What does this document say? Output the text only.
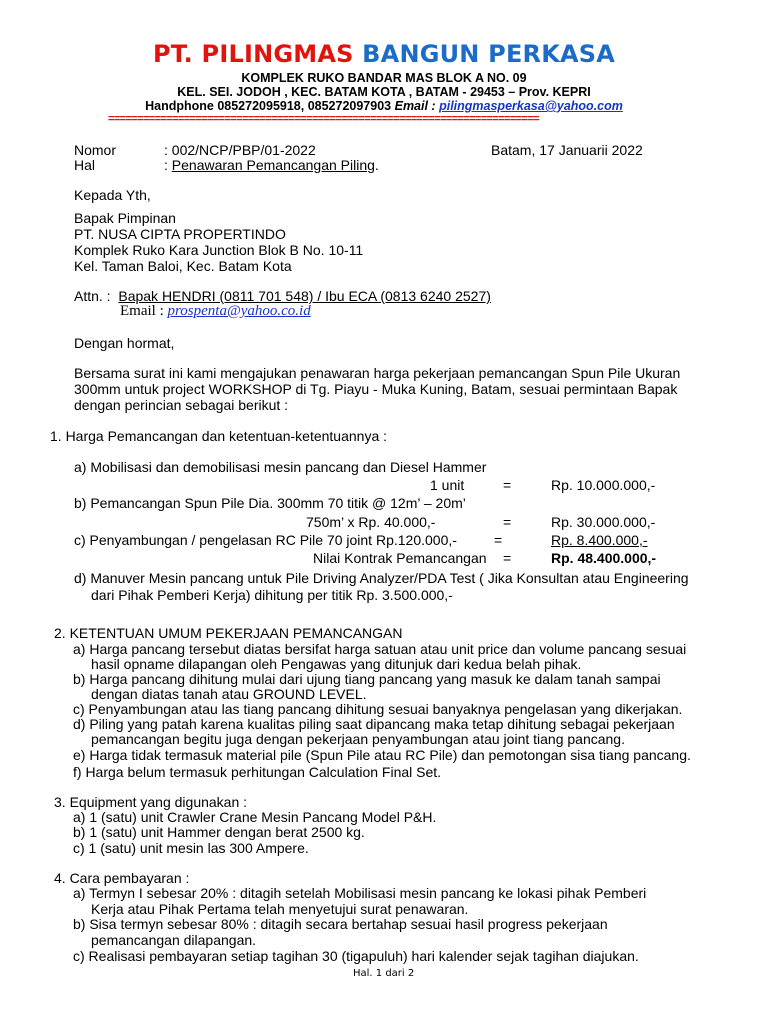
PT. PILINGMAS BANGUN PERKASA
KOMPLEK RUKO BANDAR MAS BLOK A NO. 09
KEL. SEI. JODOH , KEC. BATAM KOTA , BATAM - 29453 – Prov. KEPRI
Handphone 085272095918, 085272097903 Email : pilingmasperkasa@yahoo.com
==========================================================================
Nomor	: 002/NCP/PBP/01-2022	Batam, 17 Januarii 2022
Hal	: Penawaran Pemancangan Piling.
Kepada Yth,
Bapak Pimpinan
PT. NUSA CIPTA PROPERTINDO
Komplek Ruko Kara Junction Blok B No. 10-11
Kel. Taman Baloi, Kec. Batam Kota
Attn. : Bapak HENDRI (0811 701 548) / Ibu ECA (0813 6240 2527)
Email : prospenta@yahoo.co.id
Dengan hormat,
Bersama surat ini kami mengajukan penawaran harga pekerjaan pemancangan Spun Pile Ukuran
300mm untuk project WORKSHOP di Tg. Piayu - Muka Kuning, Batam, sesuai permintaan Bapak
dengan perincian sebagai berikut :
1. Harga Pemancangan dan ketentuan-ketentuannya :
a) Mobilisasi dan demobilisasi mesin pancang dan Diesel Hammer
1 unit	=	Rp. 10.000.000,-
b) Pemancangan Spun Pile Dia. 300mm 70 titik @ 12m’ – 20m’
750m’ x Rp. 40.000,-	=	Rp. 30.000.000,-
c) Penyambungan / pengelasan RC Pile 70 joint Rp.120.000,-	=	Rp. 8.400.000,-
Nilai Kontrak Pemancangan =	Rp. 48.400.000,-
d) Manuver Mesin pancang untuk Pile Driving Analyzer/PDA Test ( Jika Konsultan atau Engineering
dari Pihak Pemberi Kerja) dihitung per titik Rp. 3.500.000,-
2. KETENTUAN UMUM PEKERJAAN PEMANCANGAN
a) Harga pancang tersebut diatas bersifat harga satuan atau unit price dan volume pancang sesuai
hasil opname dilapangan oleh Pengawas yang ditunjuk dari kedua belah pihak.
b) Harga pancang dihitung mulai dari ujung tiang pancang yang masuk ke dalam tanah sampai
dengan diatas tanah atau GROUND LEVEL.
c) Penyambungan atau las tiang pancang dihitung sesuai banyaknya pengelasan yang dikerjakan.
d) Piling yang patah karena kualitas piling saat dipancang maka tetap dihitung sebagai pekerjaan
pemancangan begitu juga dengan pekerjaan penyambungan atau joint tiang pancang.
e) Harga tidak termasuk material pile (Spun Pile atau RC Pile) dan pemotongan sisa tiang pancang.
f) Harga belum termasuk perhitungan Calculation Final Set.
3. Equipment yang digunakan :
a) 1 (satu) unit Crawler Crane Mesin Pancang Model P&H.
b) 1 (satu) unit Hammer dengan berat 2500 kg.
c) 1 (satu) unit mesin las 300 Ampere.
4. Cara pembayaran :
a) Termyn I sebesar 20% : ditagih setelah Mobilisasi mesin pancang ke lokasi pihak Pemberi
Kerja atau Pihak Pertama telah menyetujui surat penawaran.
b) Sisa termyn sebesar 80% : ditagih secara bertahap sesuai hasil progress pekerjaan
pemancangan dilapangan.
c) Realisasi pembayaran setiap tagihan 30 (tigapuluh) hari kalender sejak tagihan diajukan.
Hal. 1 dari 2
